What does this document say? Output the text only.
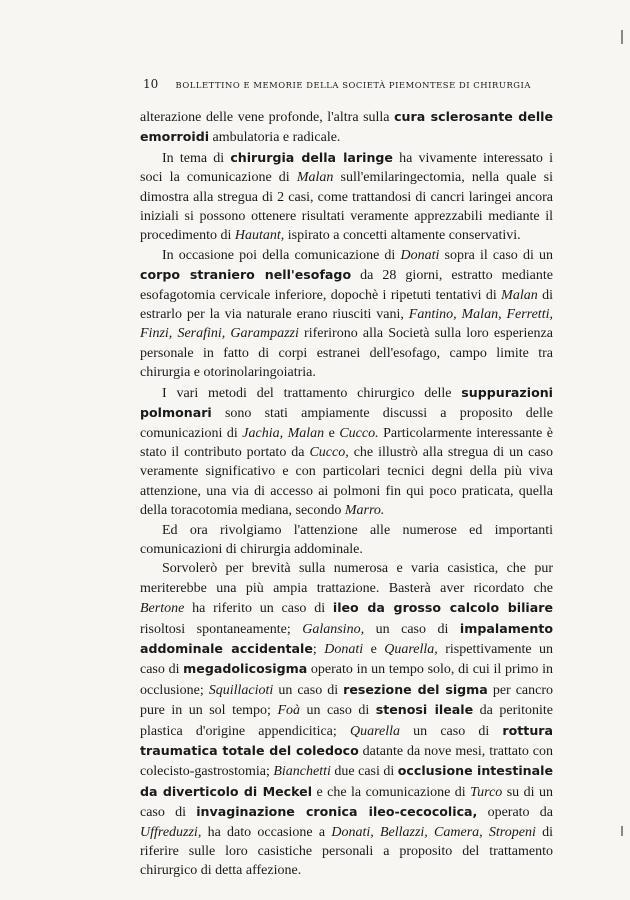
10 BOLLETTINO E MEMORIE DELLA SOCIETÀ PIEMONTESE DI CHIRURGIA

alterazione delle vene profonde, l'altra sulla cura sclerosante delle emorroidi ambulatoria e radicale.

In tema di chirurgia della laringe ha vivamente interessato i soci la comunicazione di Malan sull'emilaringectomia, nella quale si dimostra alla stregua di 2 casi, come trattandosi di cancri laringei ancora iniziali si possono ottenere risultati veramente apprezzabili mediante il procedimento di Hautant, ispirato a concetti altamente conservativi.

In occasione poi della comunicazione di Donati sopra il caso di un corpo straniero nell'esofago da 28 giorni, estratto mediante esofagotomia cervicale inferiore, dopochè i ripetuti tentativi di Malan di estrarlo per la via naturale erano riusciti vani, Fantino, Malan, Ferretti, Finzi, Serafini, Garampazzi riferirono alla Società sulla loro esperienza personale in fatto di corpi estranei dell'esofago, campo limite tra chirurgia e otorinolaringoiatria.

I vari metodi del trattamento chirurgico delle suppurazioni polmonari sono stati ampiamente discussi a proposito delle comunicazioni di Jachia, Malan e Cucco. Particolarmente interessante è stato il contributo portato da Cucco, che illustrò alla stregua di un caso veramente significativo e con particolari tecnici degni della più viva attenzione, una via di accesso ai polmoni fin qui poco praticata, quella della toracotomia mediana, secondo Marro.

Ed ora rivolgiamo l'attenzione alle numerose ed importanti comunicazioni di chirurgia addominale.

Sorvolerò per brevità sulla numerosa e varia casistica, che pur meriterebbe una più ampia trattazione. Basterà aver ricordato che Bertone ha riferito un caso di ileo da grosso calcolo biliare risoltosi spontaneamente; Galansino, un caso di impalamento addominale accidentale; Donati e Quarella, rispettivamente un caso di megadolicosigma operato in un tempo solo, di cui il primo in occlusione; Squillacioti un caso di resezione del sigma per cancro pure in un sol tempo; Foà un caso di stenosi ileale da peritonite plastica d'origine appendicitica; Quarella un caso di rottura traumatica totale del coledoco datante da nove mesi, trattato con colecisto-gastrostomia; Bianchetti due casi di occlusione intestinale da diverticolo di Meckel e che la comunicazione di Turco su di un caso di invaginazione cronica ileo-cecocolica, operato da Uffreduzzi, ha dato occasione a Donati, Bellazzi, Camera, Stropeni di riferire sulle loro casistiche personali a proposito del trattamento chirurgico di detta affezione.
